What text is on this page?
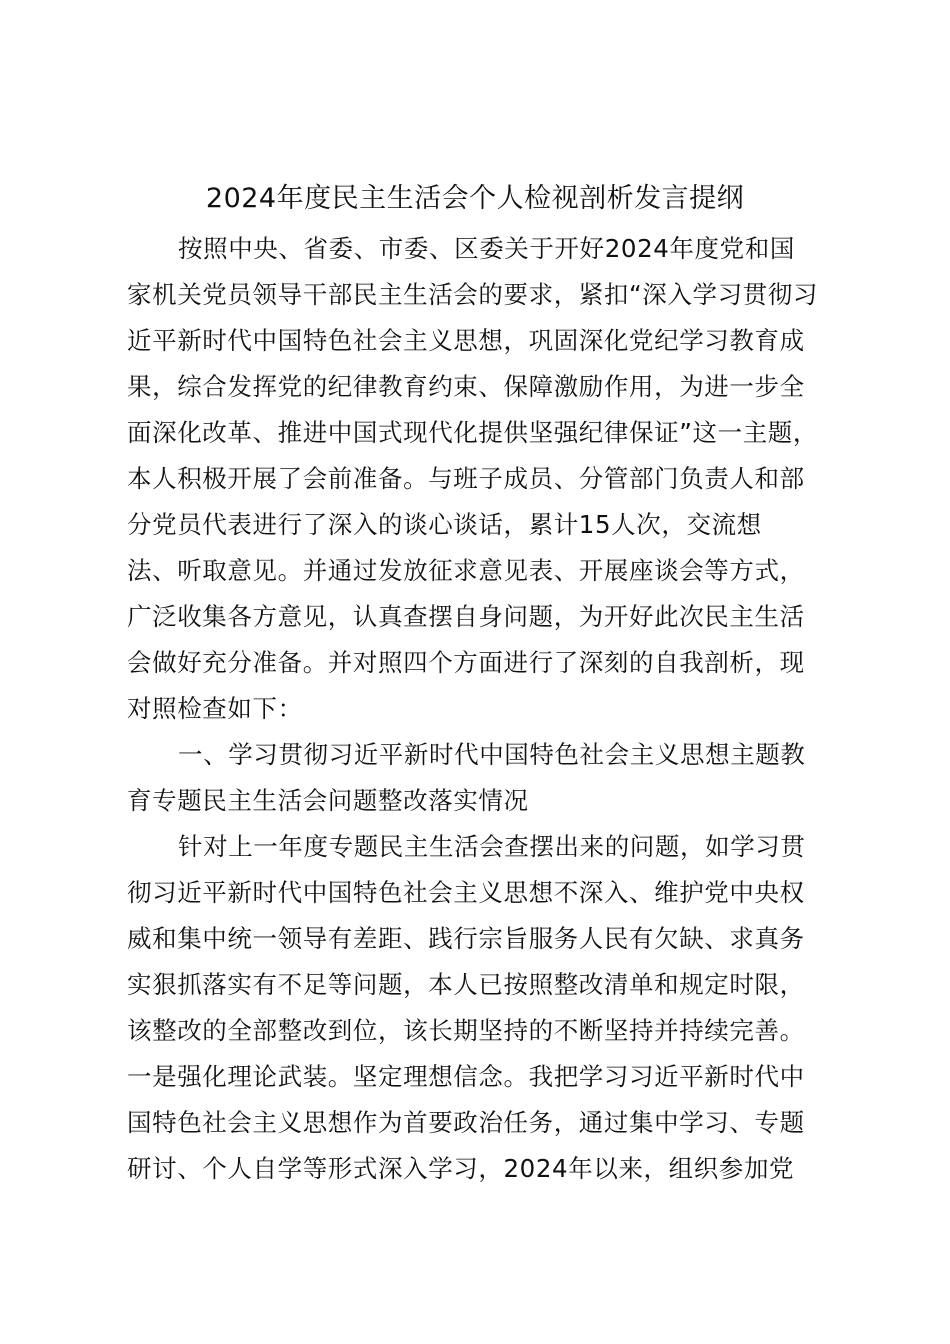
2024年度民主生活会个人检视剖析发言提纲
按照中央、省委、市委、区委关于开好2024年度党和国
家机关党员领导干部民主生活会的要求，紧扣“深入学习贯彻习
近平新时代中国特色社会主义思想，巩固深化党纪学习教育成
果，综合发挥党的纪律教育约束、保障激励作用，为进一步全
面深化改革、推进中国式现代化提供坚强纪律保证”这一主题，
本人积极开展了会前准备。与班子成员、分管部门负责人和部
分党员代表进行了深入的谈心谈话，累计15人次，交流想
法、听取意见。并通过发放征求意见表、开展座谈会等方式，
广泛收集各方意见，认真查摆自身问题，为开好此次民主生活
会做好充分准备。并对照四个方面进行了深刻的自我剖析，现
对照检查如下：
一、学习贯彻习近平新时代中国特色社会主义思想主题教
育专题民主生活会问题整改落实情况
针对上一年度专题民主生活会查摆出来的问题，如学习贯
彻习近平新时代中国特色社会主义思想不深入、维护党中央权
威和集中统一领导有差距、践行宗旨服务人民有欠缺、求真务
实狠抓落实有不足等问题，本人已按照整改清单和规定时限，
该整改的全部整改到位，该长期坚持的不断坚持并持续完善。
一是强化理论武装。坚定理想信念。我把学习习近平新时代中
国特色社会主义思想作为首要政治任务，通过集中学习、专题
研讨、个人自学等形式深入学习，2024年以来，组织参加党
